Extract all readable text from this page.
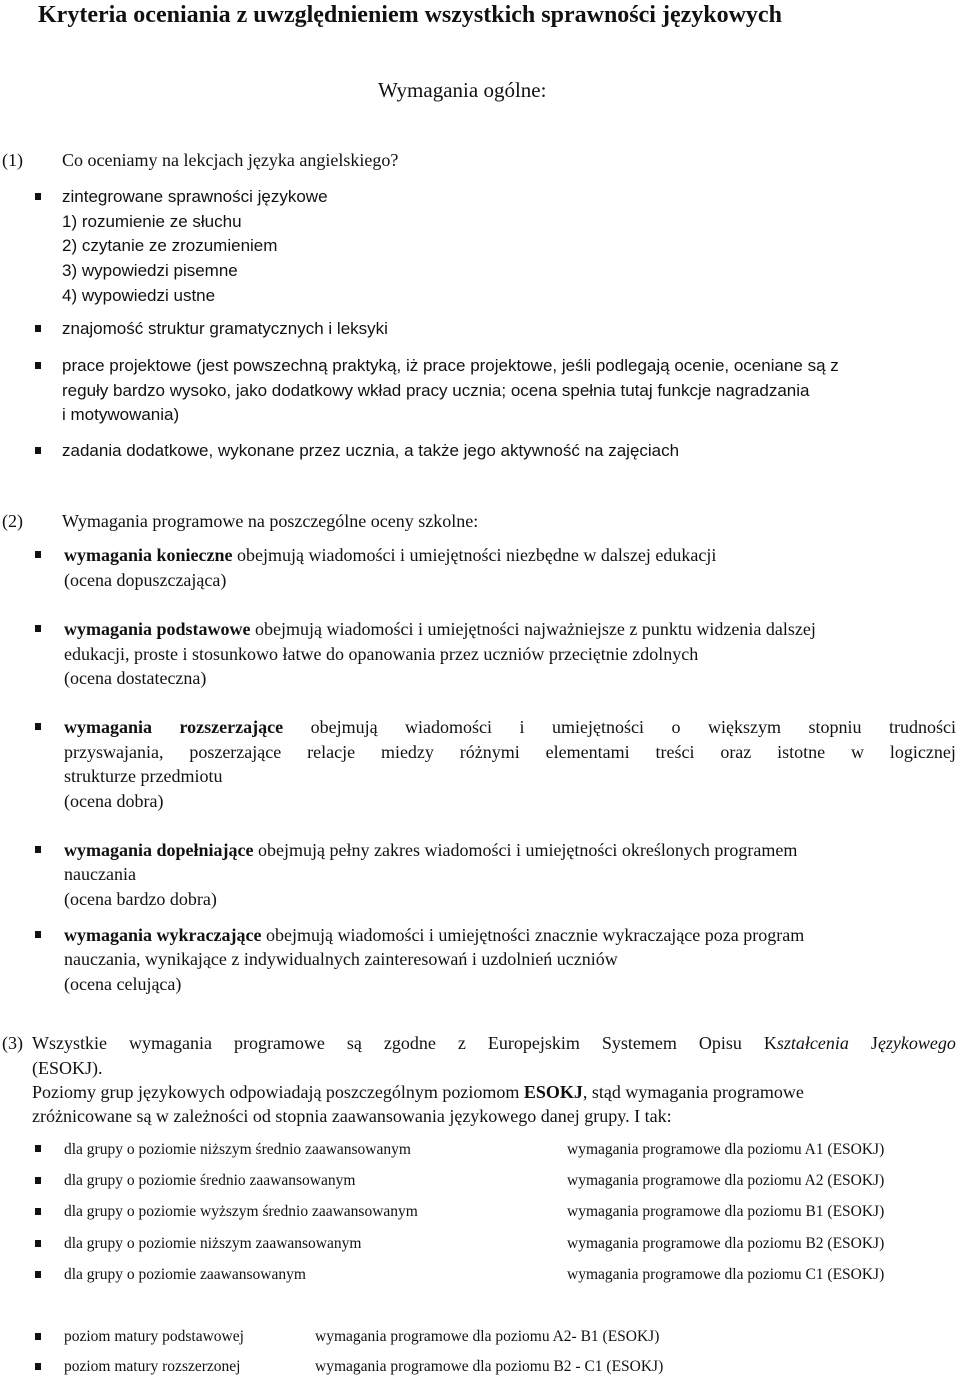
Kryteria oceniania z uwzględnieniem wszystkich sprawności językowych
Wymagania ogólne:
(1) Co oceniamy na lekcjach języka angielskiego?
zintegrowane sprawności językowe
1) rozumienie ze słuchu
2) czytanie ze zrozumieniem
3) wypowiedzi pisemne
4) wypowiedzi ustne
znajomość struktur gramatycznych i leksyki
prace projektowe (jest powszechną praktyką, iż prace projektowe, jeśli podlegają ocenie, oceniane są z
reguły bardzo wysoko, jako dodatkowy wkład pracy ucznia; ocena spełnia tutaj funkcje nagradzania
i motywowania)
zadania dodatkowe, wykonane przez ucznia, a także jego aktywność na zajęciach
(2) Wymagania programowe na poszczególne oceny szkolne:
wymagania konieczne obejmują wiadomości i umiejętności niezbędne w dalszej edukacji
(ocena dopuszczająca)
wymagania podstawowe obejmują wiadomości i umiejętności najważniejsze z punktu widzenia dalszej
edukacji, proste i stosunkowo łatwe do opanowania przez uczniów przeciętnie zdolnych
(ocena dostateczna)
wymagania rozszerzające obejmują wiadomości i umiejętności o większym stopniu trudności
przyswajania, poszerzające relacje miedzy różnymi elementami treści oraz istotne w logicznej
strukturze przedmiotu
(ocena dobra)
wymagania dopełniające obejmują pełny zakres wiadomości i umiejętności określonych programem
nauczania
(ocena bardzo dobra)
wymagania wykraczające obejmują wiadomości i umiejętności znacznie wykraczające poza program
nauczania, wynikające z indywidualnych zainteresowań i uzdolnień uczniów
(ocena celująca)
(3) Wszystkie wymagania programowe są zgodne z Europejskim Systemem Opisu Kształcenia Językowego
(ESOKJ).
Poziomy grup językowych odpowiadają poszczególnym poziomom ESOKJ, stąd wymagania programowe
zróżnicowane są w zależności od stopnia zaawansowania językowego danej grupy. I tak:
dla grupy o poziomie niższym średnio zaawansowanym	wymagania programowe dla poziomu A1 (ESOKJ)
dla grupy o poziomie średnio zaawansowanym	wymagania programowe dla poziomu A2 (ESOKJ)
dla grupy o poziomie wyższym średnio zaawansowanym	wymagania programowe dla poziomu B1 (ESOKJ)
dla grupy o poziomie niższym zaawansowanym	wymagania programowe dla poziomu B2 (ESOKJ)
dla grupy o poziomie zaawansowanym	wymagania programowe dla poziomu C1 (ESOKJ)
poziom matury podstawowej	wymagania programowe dla poziomu A2- B1 (ESOKJ)
poziom matury rozszerzonej	wymagania programowe dla poziomu B2 - C1 (ESOKJ)
